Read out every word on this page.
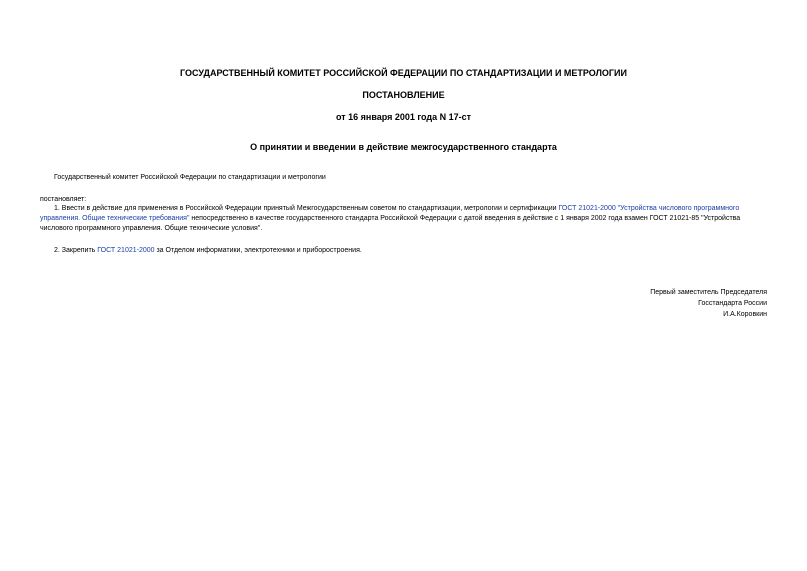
ГОСУДАРСТВЕННЫЙ КОМИТЕТ РОССИЙСКОЙ ФЕДЕРАЦИИ ПО СТАНДАРТИЗАЦИИ И МЕТРОЛОГИИ
ПОСТАНОВЛЕНИЕ
от 16 января 2001 года N 17-ст
О принятии и введении в действие межгосударственного стандарта
Государственный комитет Российской Федерации по стандартизации и метрологии
постановляет:
1. Ввести в действие для применения в Российской Федерации принятый Межгосударственным советом по стандартизации, метрологии и сертификации ГОСТ 21021-2000 "Устройства числового программного управления. Общие технические требования" непосредственно в качестве государственного стандарта Российской Федерации с датой введения в действие с 1 января 2002 года взамен ГОСТ 21021-85 "Устройства числового программного управления. Общие технические условия".
2. Закрепить ГОСТ 21021-2000 за Отделом информатики, электротехники и приборостроения.
Первый заместитель Председателя
Госстандарта России
И.А.Коровкин
